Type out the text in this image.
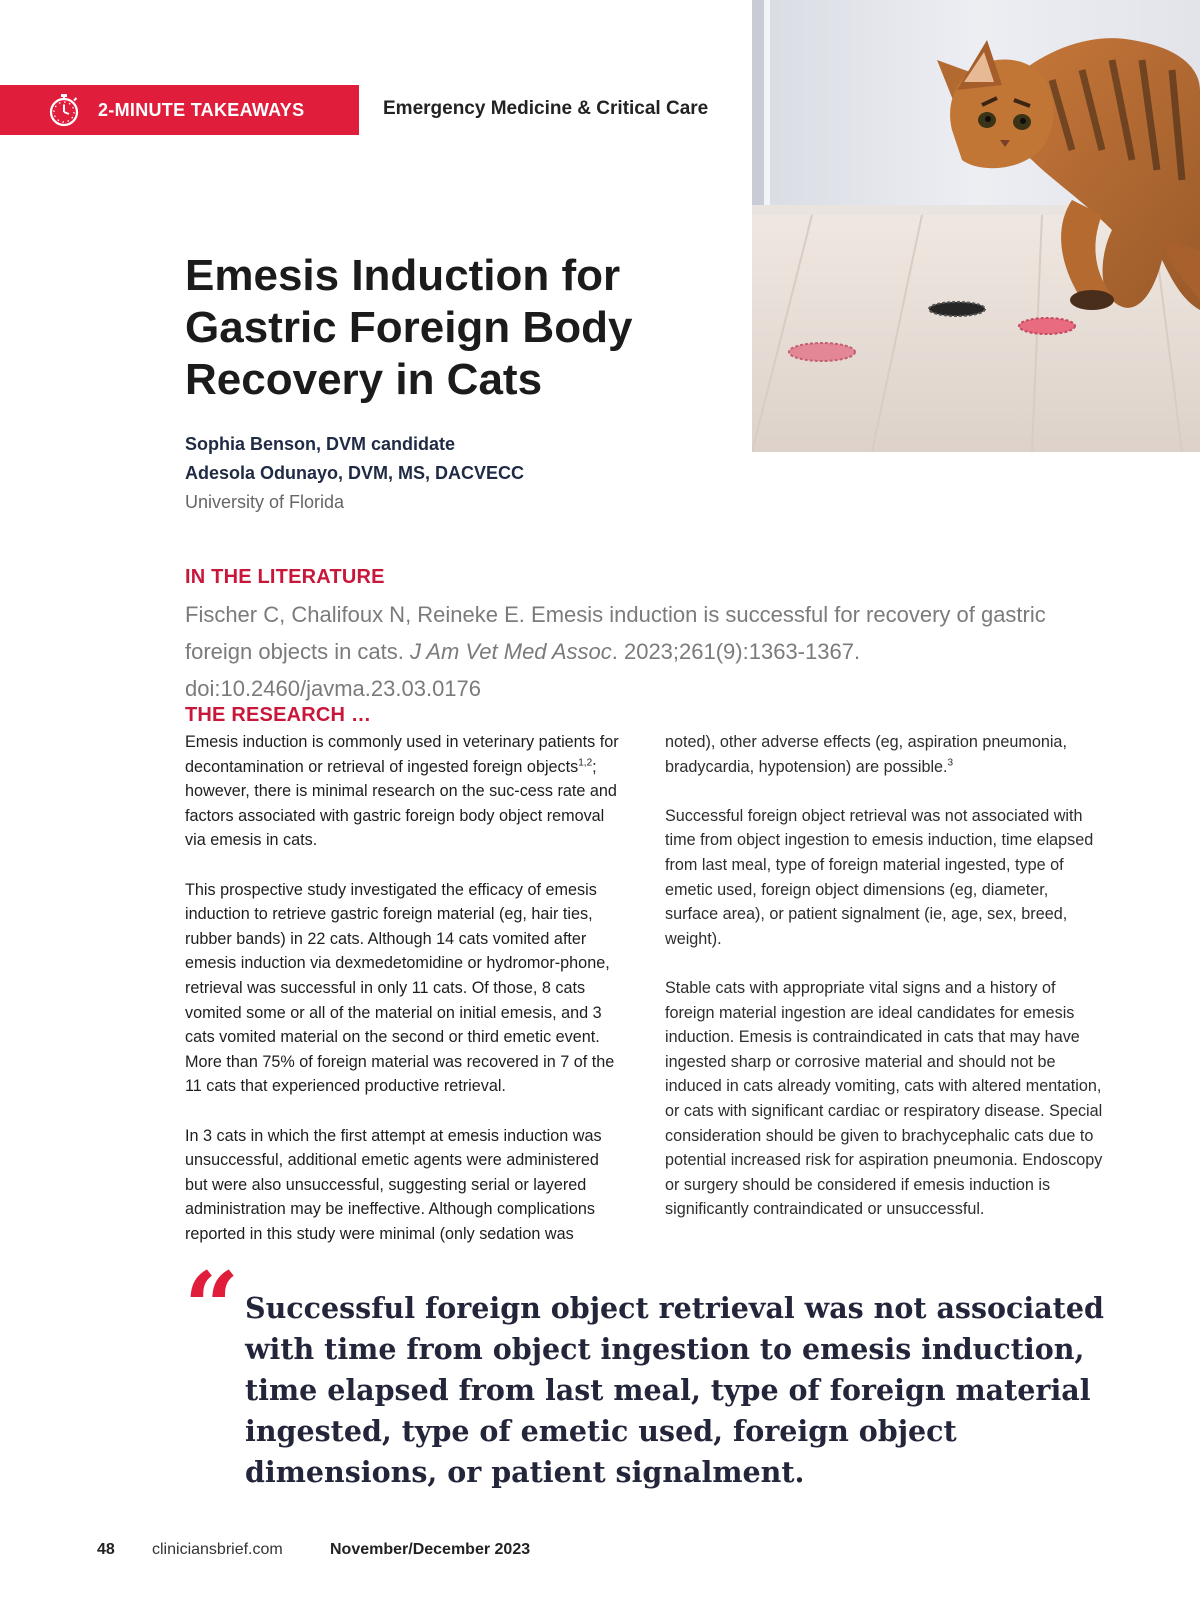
2-MINUTE TAKEAWAYS	Emergency Medicine & Critical Care
Emesis Induction for Gastric Foreign Body Recovery in Cats
Sophia Benson, DVM candidate
Adesola Odunayo, DVM, MS, DACVECC
University of Florida
IN THE LITERATURE
Fischer C, Chalifoux N, Reineke E. Emesis induction is successful for recovery of gastric foreign objects in cats. J Am Vet Med Assoc. 2023;261(9):1363-1367. doi:10.2460/javma.23.03.0176
THE RESEARCH …

Emesis induction is commonly used in veterinary patients for decontamination or retrieval of ingested foreign objects$^{1,2}$; however, there is minimal research on the suc-cess rate and factors associated with gastric foreign body object removal via emesis in cats.

This prospective study investigated the efficacy of emesis induction to retrieve gastric foreign material (eg, hair ties, rubber bands) in 22 cats. Although 14 cats vomited after emesis induction via dexmedetomidine or hydromor-phone, retrieval was successful in only 11 cats. Of those, 8 cats vomited some or all of the material on initial emesis, and 3 cats vomited material on the second or third emetic event. More than 75% of foreign material was recovered in 7 of the 11 cats that experienced productive retrieval.

In 3 cats in which the first attempt at emesis induction was unsuccessful, additional emetic agents were administered but were also unsuccessful, suggesting serial or layered administration may be ineffective. Although complications reported in this study were minimal (only sedation was

noted), other adverse effects (eg, aspiration pneumonia, bradycardia, hypotension) are possible.$^3$

Successful foreign object retrieval was not associated with time from object ingestion to emesis induction, time elapsed from last meal, type of foreign material ingested, type of emetic used, foreign object dimensions (eg, diameter, surface area), or patient signalment (ie, age, sex, breed, weight).

Stable cats with appropriate vital signs and a history of foreign material ingestion are ideal candidates for emesis induction. Emesis is contraindicated in cats that may have ingested sharp or corrosive material and should not be induced in cats already vomiting, cats with altered mentation, or cats with significant cardiac or respiratory disease. Special consideration should be given to brachycephalic cats due to potential increased risk for aspiration pneumonia. Endoscopy or surgery should be considered if emesis induction is significantly contraindicated or unsuccessful.

“ Successful foreign object retrieval was not associated with time from object ingestion to emesis induction, time elapsed from last meal, type of foreign material ingested, type of emetic used, foreign object dimensions, or patient signalment.
48 cliniciansbrief.com	November/December 2023
